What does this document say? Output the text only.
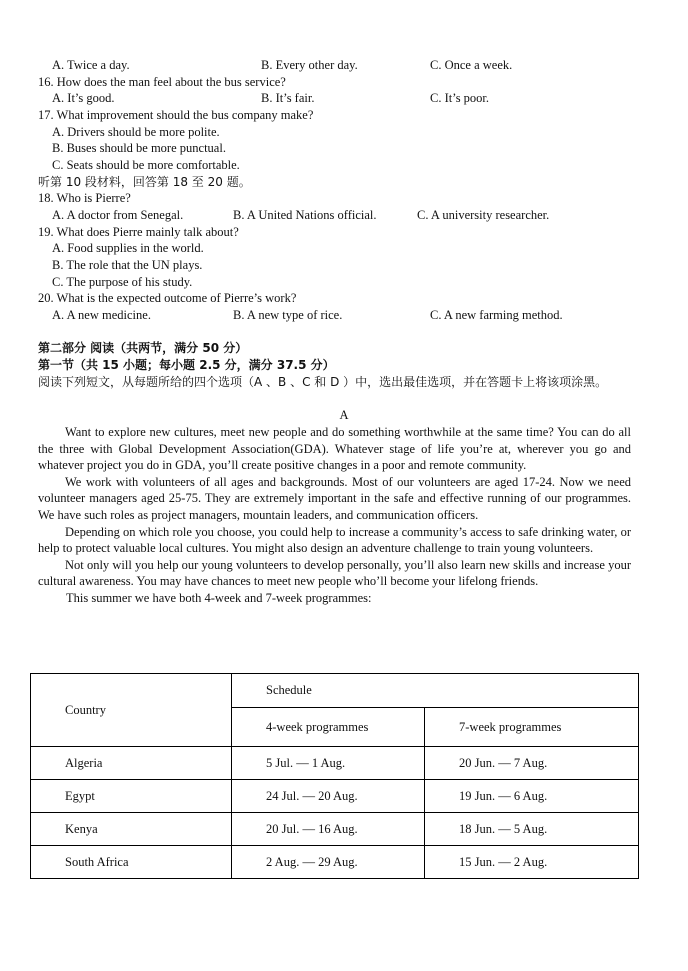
A. Twice a day.	B. Every other day.	C. Once a week.
16. How does the man feel about the bus service?
A. It’s good.	B. It’s fair.	C. It’s poor.
17. What improvement should the bus company make?
A. Drivers should be more polite.
B. Buses should be more punctual.
C. Seats should be more comfortable.
听第 10 段材料，回答第 18 至 20 题。
18. Who is Pierre?
A. A doctor from Senegal.	B. A United Nations official.	C. A university researcher.
19. What does Pierre mainly talk about?
A. Food supplies in the world.
B. The role that the UN plays.
C. The purpose of his study.
20. What is the expected outcome of Pierre’s work?
A. A new medicine.	B. A new type of rice.	C. A new farming method.
第二部分 阅读（共两节，满分 50 分）
第一节（共 15 小题；每小题 2.5 分，满分 37.5 分）

阅读下列短文，从每题所给的四个选项（A 、B 、C 和 D ）中，选出最佳选项，并在答题卡上将该项涂黑。

A

Want to explore new cultures, meet new people and do something worthwhile at the same time? You can do all the three with Global Development Association(GDA). Whatever stage of life you’re at, wherever you go and whatever project you do in GDA, you’ll create positive changes in a poor and remote community.

We work with volunteers of all ages and backgrounds. Most of our volunteers are aged 17-24. Now we need volunteer managers aged 25-75. They are extremely important in the safe and effective running of our programmes. We have such roles as project managers, mountain leaders, and communication officers.

Depending on which role you choose, you could help to increase a community’s access to safe drinking water, or help to protect valuable local cultures. You might also design an adventure challenge to train young volunteers.

Not only will you help our young volunteers to develop personally, you’ll also learn new skills and increase your cultural awareness. You may have chances to meet new people who’ll become your lifelong friends.

This summer we have both 4-week and 7-week programmes:

Country	Schedule	
	4-week programmes	7-week programmes
Algeria	5 Jul. — 1 Aug.	20 Jun. — 7 Aug.
Egypt	24 Jul. — 20 Aug.	19 Jun. — 6 Aug.
Kenya	20 Jul. — 16 Aug.	18 Jun. — 5 Aug.
South Africa	2 Aug. — 29 Aug.	15 Jun. — 2 Aug.
